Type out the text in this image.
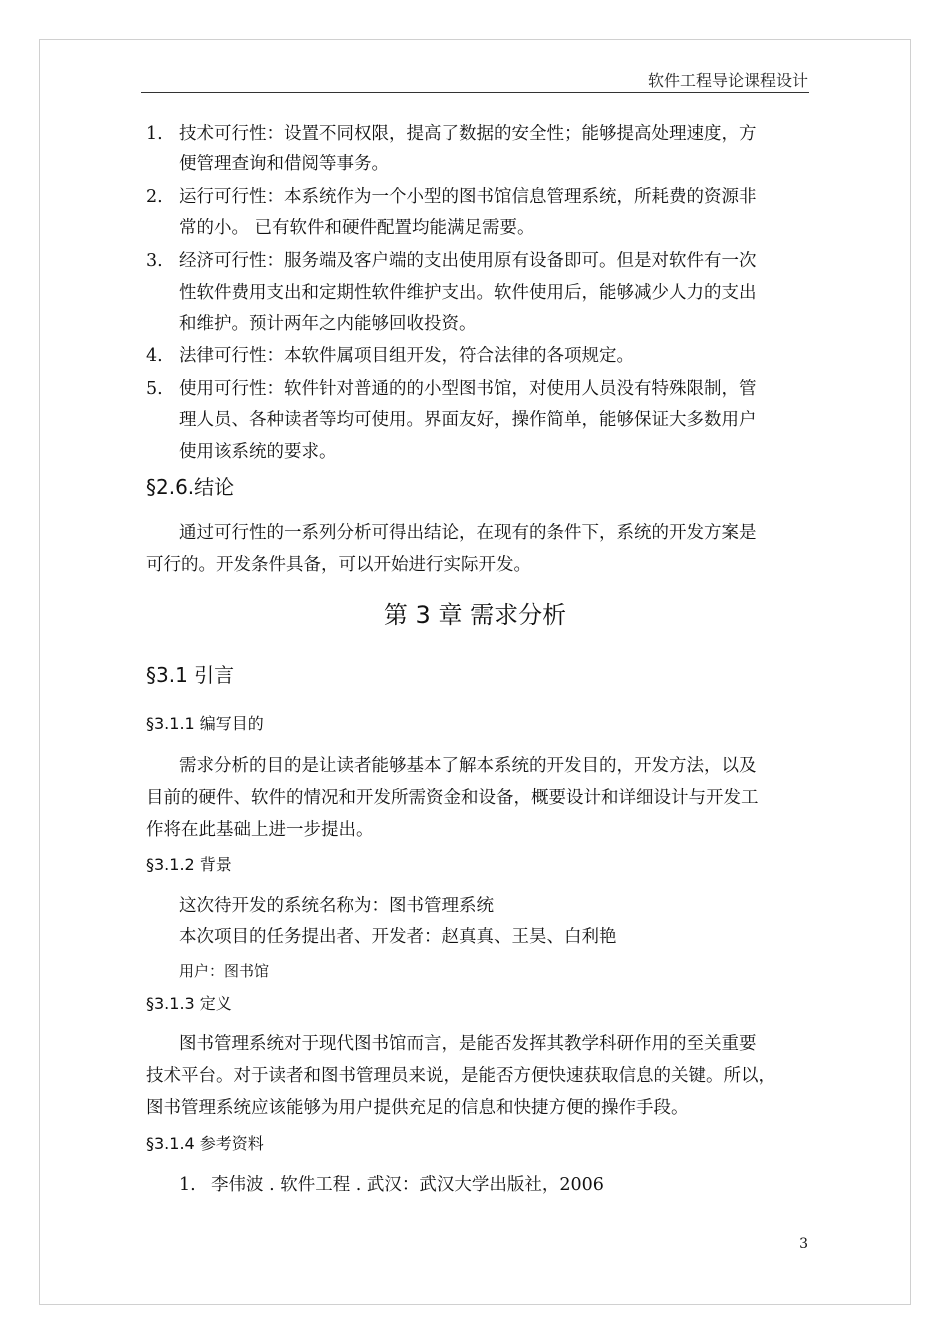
软件工程导论课程设计
1. 技术可行性：设置不同权限，提高了数据的安全性；能够提高处理速度，方
便管理查询和借阅等事务。
2. 运行可行性：本系统作为一个小型的图书馆信息管理系统，所耗费的资源非
常的小。 已有软件和硬件配置均能满足需要。
3. 经济可行性：服务端及客户端的支出使用原有设备即可。但是对软件有一次
性软件费用支出和定期性软件维护支出。软件使用后，能够减少人力的支出
和维护。预计两年之内能够回收投资。
4. 法律可行性：本软件属项目组开发，符合法律的各项规定。
5. 使用可行性：软件针对普通的的小型图书馆，对使用人员没有特殊限制，管
理人员、各种读者等均可使用。界面友好，操作简单，能够保证大多数用户
使用该系统的要求。
§2.6.结论
通过可行性的一系列分析可得出结论，在现有的条件下，系统的开发方案是
可行的。开发条件具备，可以开始进行实际开发。
第 3 章 需求分析
§3.1 引言
§3.1.1 编写目的
需求分析的目的是让读者能够基本了解本系统的开发目的，开发方法，以及
目前的硬件、软件的情况和开发所需资金和设备，概要设计和详细设计与开发工
作将在此基础上进一步提出。
§3.1.2 背景
这次待开发的系统名称为：图书管理系统
本次项目的任务提出者、开发者：赵真真、王昊、白利艳
用户：图书馆
§3.1.3 定义
图书管理系统对于现代图书馆而言，是能否发挥其教学科研作用的至关重要
技术平台。对于读者和图书管理员来说，是能否方便快速获取信息的关键。所以，
图书管理系统应该能够为用户提供充足的信息和快捷方便的操作手段。
§3.1.4 参考资料
1. 李伟波 . 软件工程 . 武汉：武汉大学出版社，2006
3
